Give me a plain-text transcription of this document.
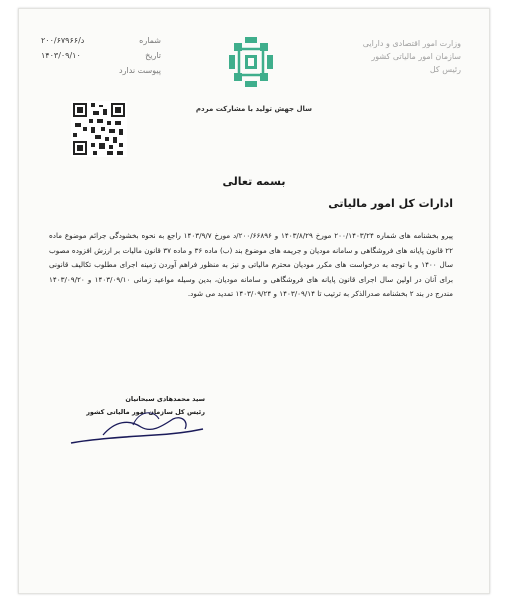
شماره
۲۰۰/۶۷۹۶۶/د
تاریخ
۱۴۰۳/۰۹/۱۰
پیوست ندارد
سال جهش تولید با مشارکت مردم
وزارت امور اقتصادی و دارایی
سازمان امور مالیاتی کشور
رئیس کل
بسمه تعالی
ادارات کل امور مالیاتی
پیرو بخشنامه های شماره ۲۰۰/۱۴۰۳/۲۴ مورخ ۱۴۰۳/۸/۲۹ و ۲۰۰/۶۶۸۹۶/د مورخ ۱۴۰۳/۹/۷ راجع به نحوه بخشودگی جرائم موضوع ماده ۲۲ قانون پایانه های فروشگاهی و سامانه مودیان و جریمه های موضوع بند (ب) ماده ۳۶ و ماده ۳۷ قانون مالیات بر ارزش افزوده مصوب سال ۱۴۰۰ و با توجه به درخواست های مکرر مودیان محترم مالیاتی و نیز به منظور فراهم آوردن زمینه اجرای مطلوب تکالیف قانونی برای آنان در اولین سال اجرای قانون پایانه های فروشگاهی و سامانه مودیان، بدین وسیله مواعید زمانی ۱۴۰۳/۰۹/۱۰ و ۱۴۰۳/۰۹/۲۰ مندرج در بند ۲ بخشنامه صدرالذکر به ترتیب تا ۱۴۰۳/۰۹/۱۴ و ۱۴۰۳/۰۹/۲۴ تمدید می شود.
سید محمدهادی سبحانیان
رئیس کل سازمان امور مالیاتی کشور
